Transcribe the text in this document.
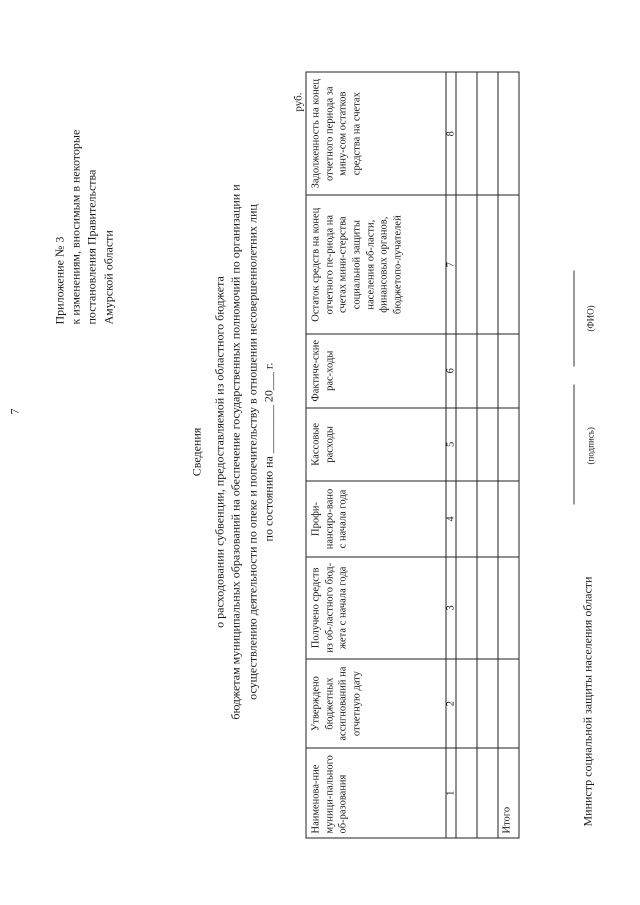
7
Приложение № 3 к изменениям, вносимым в некоторые постановления Правительства Амурской области
Сведения о расходовании субвенции, предоставляемой из областного бюджета бюджетам муниципальных образований на обеспечение государственных полномочий по организации и осуществлению деятельности по опеке и попечительству в отношении несовершеннолетних лиц по состоянию на ________ 20___ г.
руб.
Наименова-ние муници-пального об-разования	Утверждено бюджетных ассигнований на отчетную дату	Получено средств из об-ластного бюд-жета с начала года	Профи-нансиро-вано с начала года	Кассовые расходы	Фактиче-ские рас-ходы	Остаток средств на конец отчетного пе-риода на счетах мини-стерства социальной защиты населения об-ласти, финансовых органов, бюджетопо-лучателей	Задолженность на конец отчетного периода за мину-сом остатков средства на счетах
1	2	3	4	5	6	7	8

Итого								Министр социальной защиты населения области
(подпись)
(ФИО)
